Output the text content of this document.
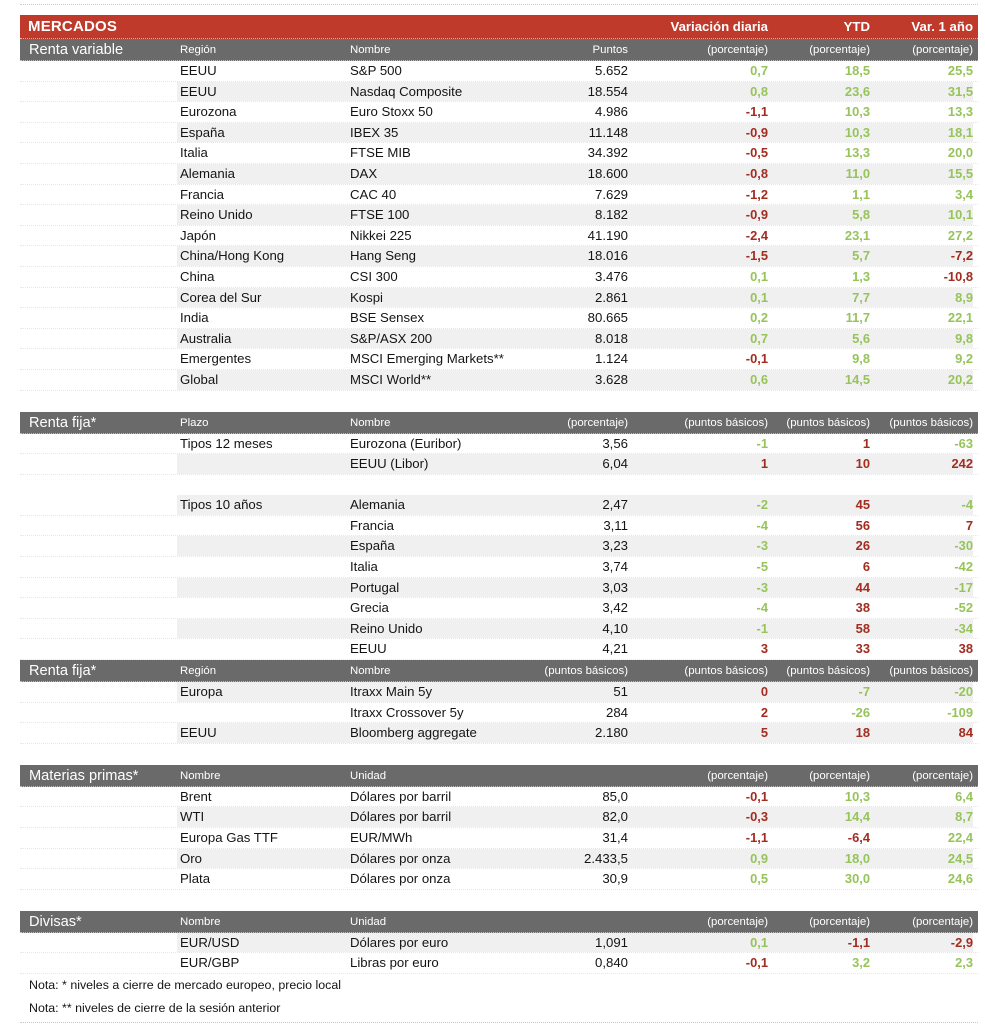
MERCADOS	Variación diaria	YTD	Var. 1 año
Renta variable	Región	Nombre	Puntos	(porcentaje)	(porcentaje)	(porcentaje)
EEUU	S&P 500	5.652	0,7	18,5	25,5
EEUU	Nasdaq Composite	18.554	0,8	23,6	31,5
Eurozona	Euro Stoxx 50	4.986	-1,1	10,3	13,3
España	IBEX 35	11.148	-0,9	10,3	18,1
Italia	FTSE MIB	34.392	-0,5	13,3	20,0
Alemania	DAX	18.600	-0,8	11,0	15,5
Francia	CAC 40	7.629	-1,2	1,1	3,4
Reino Unido	FTSE 100	8.182	-0,9	5,8	10,1
Japón	Nikkei 225	41.190	-2,4	23,1	27,2
China/Hong Kong	Hang Seng	18.016	-1,5	5,7	-7,2
China	CSI 300	3.476	0,1	1,3	-10,8
Corea del Sur	Kospi	2.861	0,1	7,7	8,9
India	BSE Sensex	80.665	0,2	11,7	22,1
Australia	S&P/ASX 200	8.018	0,7	5,6	9,8
Emergentes	MSCI Emerging Markets**	1.124	-0,1	9,8	9,2
Global	MSCI World**	3.628	0,6	14,5	20,2
Renta fija*	Plazo	Nombre	(porcentaje)	(puntos básicos)	(puntos básicos)	(puntos básicos)
Tipos 12 meses	Eurozona (Euribor)	3,56	-1	1	-63
EEUU (Libor)	6,04	1	10	242
Tipos 10 años	Alemania	2,47	-2	45	-4
Francia	3,11	-4	56	7
España	3,23	-3	26	-30
Italia	3,74	-5	6	-42
Portugal	3,03	-3	44	-17
Grecia	3,42	-4	38	-52
Reino Unido	4,10	-1	58	-34
EEUU	4,21	3	33	38
Renta fija*	Región	Nombre	(puntos básicos)	(puntos básicos)	(puntos básicos)	(puntos básicos)
Europa	Itraxx Main 5y	51	0	-7	-20
Itraxx Crossover 5y	284	2	-26	-109
EEUU	Bloomberg aggregate	2.180	5	18	84
Materias primas*	Nombre	Unidad	(porcentaje)	(porcentaje)	(porcentaje)
Brent	Dólares por barril	85,0	-0,1	10,3	6,4
WTI	Dólares por barril	82,0	-0,3	14,4	8,7
Europa Gas TTF	EUR/MWh	31,4	-1,1	-6,4	22,4
Oro	Dólares por onza	2.433,5	0,9	18,0	24,5
Plata	Dólares por onza	30,9	0,5	30,0	24,6
Divisas*	Nombre	Unidad	(porcentaje)	(porcentaje)	(porcentaje)
EUR/USD	Dólares por euro	1,091	0,1	-1,1	-2,9
EUR/GBP	Libras por euro	0,840	-0,1	3,2	2,3
Nota: * niveles a cierre de mercado europeo, precio local
Nota: ** niveles de cierre de la sesión anterior
